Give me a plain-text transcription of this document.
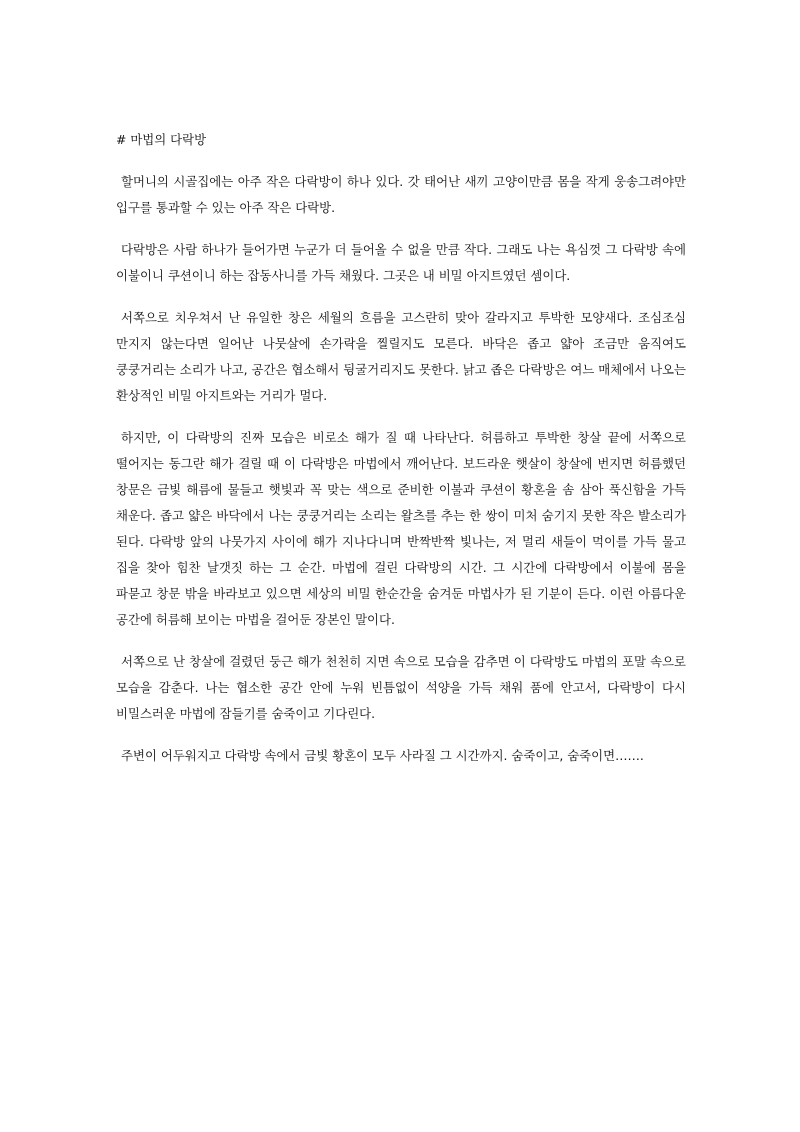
# 마법의 다락방

할머니의 시골집에는 아주 작은 다락방이 하나 있다. 갓 태어난 새끼 고양이만큼 몸을 작게 웅송그려야만 입구를 통과할 수 있는 아주 작은 다락방.

다락방은 사람 하나가 들어가면 누군가 더 들어올 수 없을 만큼 작다. 그래도 나는 욕심껏 그 다락방 속에 이불이니 쿠션이니 하는 잡동사니를 가득 채웠다. 그곳은 내 비밀 아지트였던 셈이다.

서쪽으로 치우쳐서 난 유일한 창은 세월의 흐름을 고스란히 맞아 갈라지고 투박한 모양새다. 조심조심 만지지 않는다면 일어난 나뭇살에 손가락을 찔릴지도 모른다. 바닥은 좁고 얇아 조금만 움직여도 쿵쿵거리는 소리가 나고, 공간은 협소해서 뒹굴거리지도 못한다. 낡고 좁은 다락방은 여느 매체에서 나오는 환상적인 비밀 아지트와는 거리가 멀다.

하지만, 이 다락방의 진짜 모습은 비로소 해가 질 때 나타난다. 허름하고 투박한 창살 끝에 서쪽으로 떨어지는 동그란 해가 걸릴 때 이 다락방은 마법에서 깨어난다. 보드라운 햇살이 창살에 번지면 허름했던 창문은 금빛 해름에 물들고 햇빛과 꼭 맞는 색으로 준비한 이불과 쿠션이 황혼을 솜 삼아 푹신함을 가득 채운다. 좁고 얇은 바닥에서 나는 쿵쿵거리는 소리는 왈츠를 추는 한 쌍이 미처 숨기지 못한 작은 발소리가 된다. 다락방 앞의 나뭇가지 사이에 해가 지나다니며 반짝반짝 빛나는, 저 멀리 새들이 먹이를 가득 물고 집을 찾아 힘찬 날갯짓 하는 그 순간. 마법에 걸린 다락방의 시간. 그 시간에 다락방에서 이불에 몸을 파묻고 창문 밖을 바라보고 있으면 세상의 비밀 한순간을 숨겨둔 마법사가 된 기분이 든다. 이런 아름다운 공간에 허름해 보이는 마법을 걸어둔 장본인 말이다.

서쪽으로 난 창살에 걸렸던 둥근 해가 천천히 지면 속으로 모습을 감추면 이 다락방도 마법의 포말 속으로 모습을 감춘다. 나는 협소한 공간 안에 누워 빈틈없이 석양을 가득 채워 품에 안고서, 다락방이 다시 비밀스러운 마법에 잠들기를 숨죽이고 기다린다.

주변이 어두워지고 다락방 속에서 금빛 황혼이 모두 사라질 그 시간까지. 숨죽이고, 숨죽이면…….
